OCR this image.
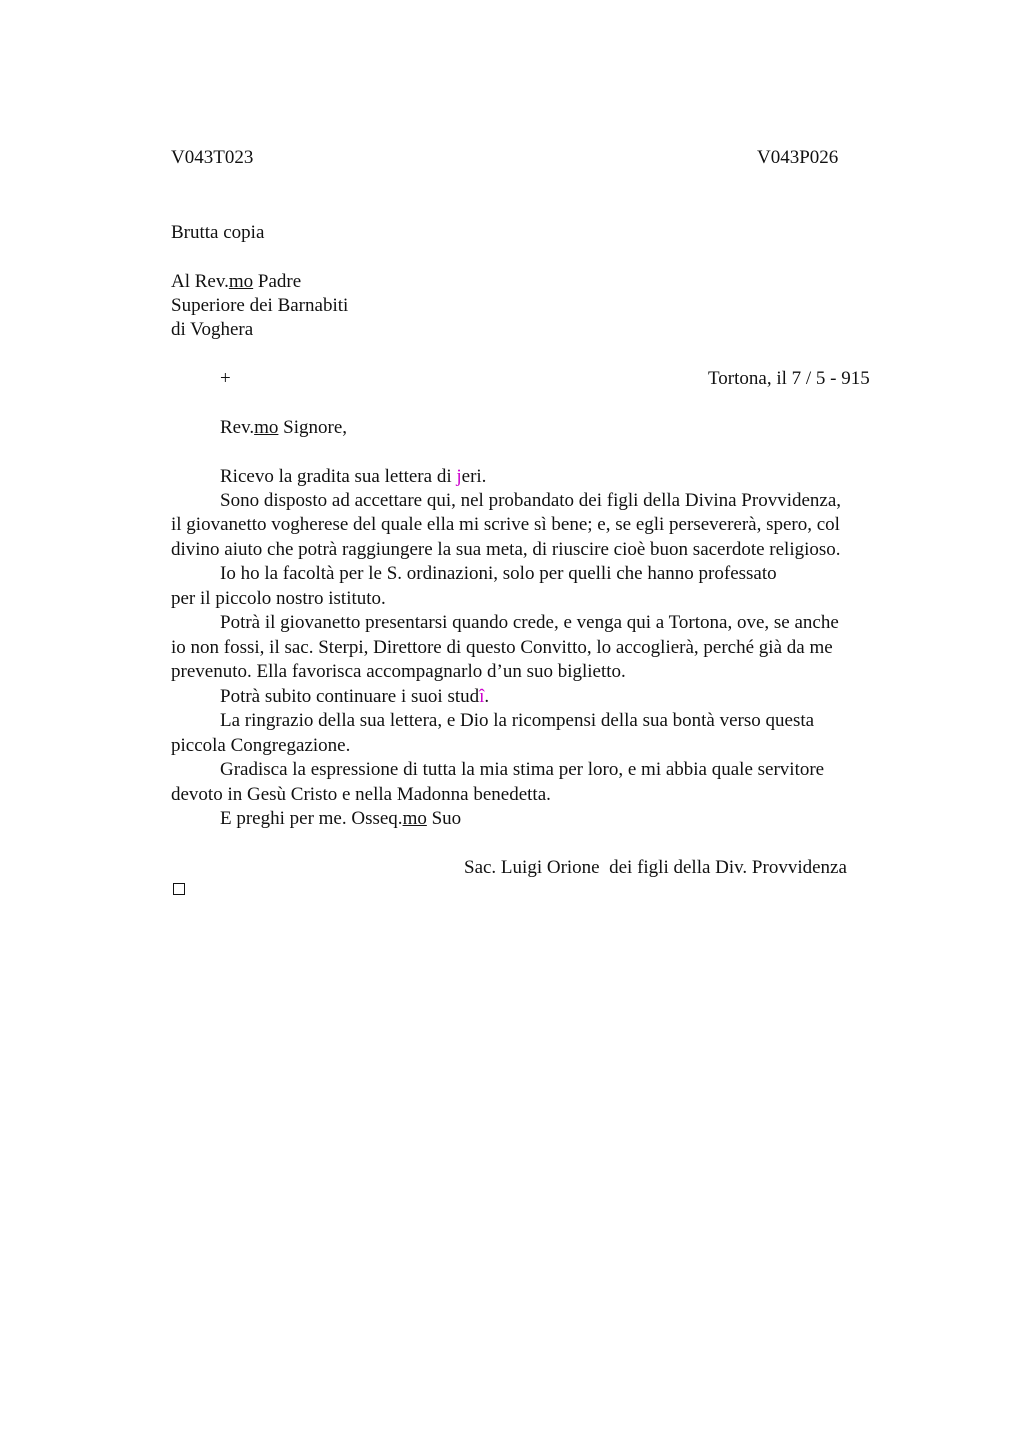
V043T023	V043P026
Brutta copia
Al Rev.mo Padre
Superiore dei Barnabiti
di Voghera
+	Tortona, il 7 / 5 - 915
Rev.mo Signore,
Ricevo la gradita sua lettera di jeri.
Sono disposto ad accettare qui, nel probandato dei figli della Divina Provvidenza,
il giovanetto vogherese del quale ella mi scrive sì bene; e, se egli persevererà, spero, col
divino aiuto che potrà raggiungere la sua meta, di riuscire cioè buon sacerdote religioso.
Io ho la facoltà per le S. ordinazioni, solo per quelli che hanno professato
per il piccolo nostro istituto.
Potrà il giovanetto presentarsi quando crede, e venga qui a Tortona, ove, se anche
io non fossi, il sac. Sterpi, Direttore di questo Convitto, lo accoglierà, perché già da me
prevenuto. Ella favorisca accompagnarlo d’un suo biglietto.
Potrà subito continuare i suoi studî.
La ringrazio della sua lettera, e Dio la ricompensi della sua bontà verso questa
piccola Congregazione.
Gradisca la espressione di tutta la mia stima per loro, e mi abbia quale servitore
devoto in Gesù Cristo e nella Madonna benedetta.
E preghi per me. Osseq.mo Suo
Sac. Luigi Orione  dei figli della Div. Provvidenza
